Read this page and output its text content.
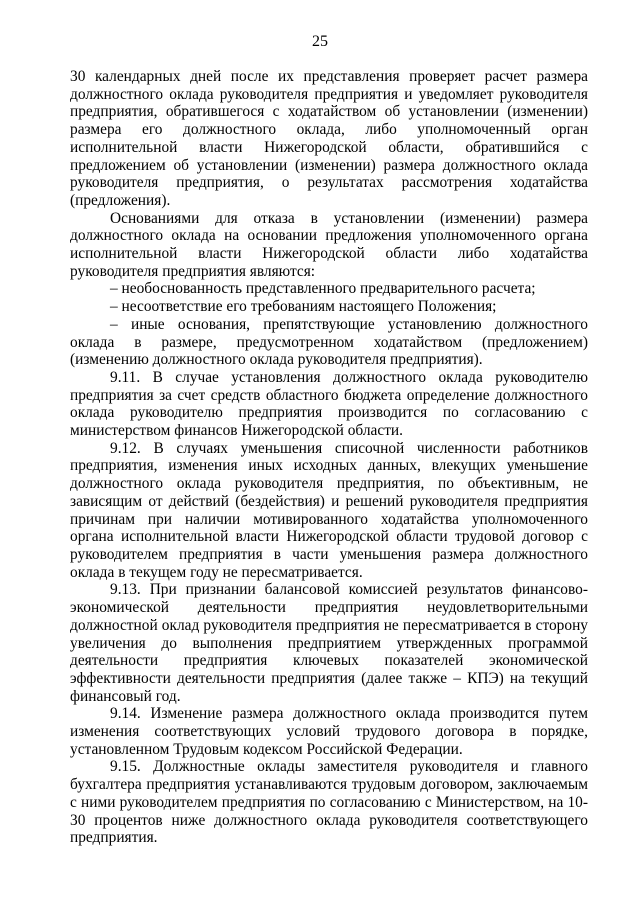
25

30 календарных дней после их представления проверяет расчет размера должностного оклада руководителя предприятия и уведомляет руководителя предприятия, обратившегося с ходатайством об установлении (изменении) размера его должностного оклада, либо уполномоченный орган исполнительной власти Нижегородской области, обратившийся с предложением об установлении (изменении) размера должностного оклада руководителя предприятия, о результатах рассмотрения ходатайства (предложения).

Основаниями для отказа в установлении (изменении) размера должностного оклада на основании предложения уполномоченного органа исполнительной власти Нижегородской области либо ходатайства руководителя предприятия являются:

– необоснованность представленного предварительного расчета;

– несоответствие его требованиям настоящего Положения;

– иные основания, препятствующие установлению должностного оклада в размере, предусмотренном ходатайством (предложением) (изменению должностного оклада руководителя предприятия).

9.11. В случае установления должностного оклада руководителю предприятия за счет средств областного бюджета определение должностного оклада руководителю предприятия производится по согласованию с министерством финансов Нижегородской области.

9.12. В случаях уменьшения списочной численности работников предприятия, изменения иных исходных данных, влекущих уменьшение должностного оклада руководителя предприятия, по объективным, не зависящим от действий (бездействия) и решений руководителя предприятия причинам при наличии мотивированного ходатайства уполномоченного органа исполнительной власти Нижегородской области трудовой договор с руководителем предприятия в части уменьшения размера должностного оклада в текущем году не пересматривается.

9.13. При признании балансовой комиссией результатов финансово-экономической деятельности предприятия неудовлетворительными должностной оклад руководителя предприятия не пересматривается в сторону увеличения до выполнения предприятием утвержденных программой деятельности предприятия ключевых показателей экономической эффективности деятельности предприятия (далее также – КПЭ) на текущий финансовый год.

9.14. Изменение размера должностного оклада производится путем изменения соответствующих условий трудового договора в порядке, установленном Трудовым кодексом Российской Федерации.

9.15. Должностные оклады заместителя руководителя и главного бухгалтера предприятия устанавливаются трудовым договором, заключаемым с ними руководителем предприятия по согласованию с Министерством, на 10-30 процентов ниже должностного оклада руководителя соответствующего предприятия.
